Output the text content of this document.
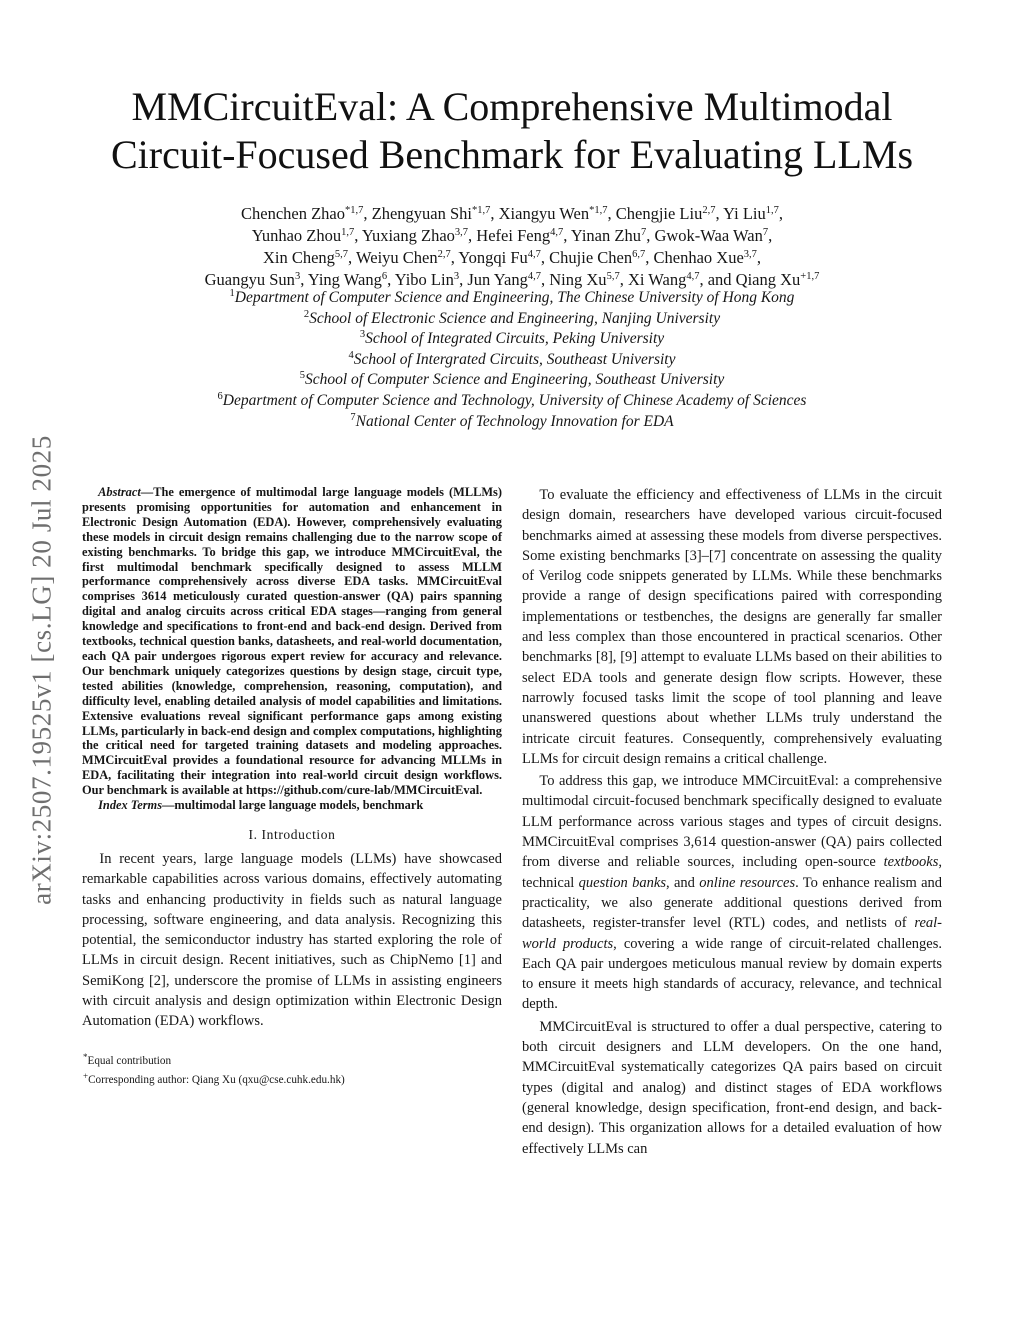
arXiv:2507.19525v1 [cs.LG] 20 Jul 2025
MMCircuitEval: A Comprehensive Multimodal
Circuit-Focused Benchmark for Evaluating LLMs
Chenchen Zhao$^{*1,7}$, Zhengyuan Shi$^{*1,7}$, Xiangyu Wen$^{*1,7}$, Chengjie Liu$^{2,7}$, Yi Liu$^{1,7}$,
Yunhao Zhou$^{1,7}$, Yuxiang Zhao$^{3,7}$, Hefei Feng$^{4,7}$, Yinan Zhu$^7$, Gwok-Waa Wan$^7$,
Xin Cheng$^{5,7}$, Weiyu Chen$^{2,7}$, Yongqi Fu$^{4,7}$, Chujie Chen$^{6,7}$, Chenhao Xue$^{3,7}$,
Guangyu Sun$^3$, Ying Wang$^6$, Yibo Lin$^3$, Jun Yang$^{4,7}$, Ning Xu$^{5,7}$, Xi Wang$^{4,7}$, and Qiang $Xu^{+1,7}$
$^1$Department of Computer Science and Engineering, The Chinese University of Hong Kong
$^2$School of Electronic Science and Engineering, Nanjing University
$^3$School of Integrated Circuits, Peking University
$^4$School of Intergrated Circuits, Southeast University
$^5$School of Computer Science and Engineering, Southeast University
$^6$Department of Computer Science and Technology, University of Chinese Academy of Sciences
$^7$National Center of Technology Innovation for EDA

Abstract—The emergence of multimodal large language models (MLLMs) presents promising opportunities for automation and enhancement in Electronic Design Automation (EDA). However, comprehensively evaluating these models in circuit design remains challenging due to the narrow scope of existing benchmarks. To bridge this gap, we introduce MMCircuitEval, the first multimodal benchmark specifically designed to assess MLLM performance comprehensively across diverse EDA tasks. MMCircuitEval comprises 3614 meticulously curated question-answer (QA) pairs spanning digital and analog circuits across critical EDA stages—ranging from general knowledge and specifications to front-end and back-end design. Derived from textbooks, technical question banks, datasheets, and real-world documentation, each QA pair undergoes rigorous expert review for accuracy and relevance. Our benchmark uniquely categorizes questions by design stage, circuit type, tested abilities (knowledge, comprehension, reasoning, computation), and difficulty level, enabling detailed analysis of model capabilities and limitations. Extensive evaluations reveal significant performance gaps among existing LLMs, particularly in back-end design and complex computations, highlighting the critical need for targeted training datasets and modeling approaches. MMCircuitEval provides a foundational resource for advancing MLLMs in EDA, facilitating their integration into real-world circuit design workflows. Our benchmark is available at https://github.com/cure-lab/MMCircuitEval.

Index Terms—multimodal large language models, benchmark

I. Introduction

In recent years, large language models (LLMs) have showcased remarkable capabilities across various domains, effectively automating tasks and enhancing productivity in fields such as natural language processing, software engineering, and data analysis. Recognizing this potential, the semiconductor industry has started exploring the role of LLMs in circuit design. Recent initiatives, such as ChipNemo [1] and SemiKong [2], underscore the promise of LLMs in assisting engineers with circuit analysis and design optimization within Electronic Design Automation (EDA) workflows.

*Equal contribution
+Corresponding author: Qiang Xu (qxu@cse.cuhk.edu.hk)

To evaluate the efficiency and effectiveness of LLMs in the circuit design domain, researchers have developed various circuit-focused benchmarks aimed at assessing these models from diverse perspectives. Some existing benchmarks [3]–[7] concentrate on assessing the quality of Verilog code snippets generated by LLMs. While these benchmarks provide a range of design specifications paired with corresponding implementations or testbenches, the designs are generally far smaller and less complex than those encountered in practical scenarios. Other benchmarks [8], [9] attempt to evaluate LLMs based on their abilities to select EDA tools and generate design flow scripts. However, these narrowly focused tasks limit the scope of tool planning and leave unanswered questions about whether LLMs truly understand the intricate circuit features. Consequently, comprehensively evaluating LLMs for circuit design remains a critical challenge.

To address this gap, we introduce MMCircuitEval: a comprehensive multimodal circuit-focused benchmark specifically designed to evaluate LLM performance across various stages and types of circuit designs. MMCircuitEval comprises 3,614 question-answer (QA) pairs collected from diverse and reliable sources, including open-source textbooks, technical question banks, and online resources. To enhance realism and practicality, we also generate additional questions derived from datasheets, register-transfer level (RTL) codes, and netlists of real-world products, covering a wide range of circuit-related challenges. Each QA pair undergoes meticulous manual review by domain experts to ensure it meets high standards of accuracy, relevance, and technical depth.

MMCircuitEval is structured to offer a dual perspective, catering to both circuit designers and LLM developers. On the one hand, MMCircuitEval systematically categorizes QA pairs based on circuit types (digital and analog) and distinct stages of EDA workflows (general knowledge, design specification, front-end design, and back-end design). This organization allows for a detailed evaluation of how effectively LLMs can
